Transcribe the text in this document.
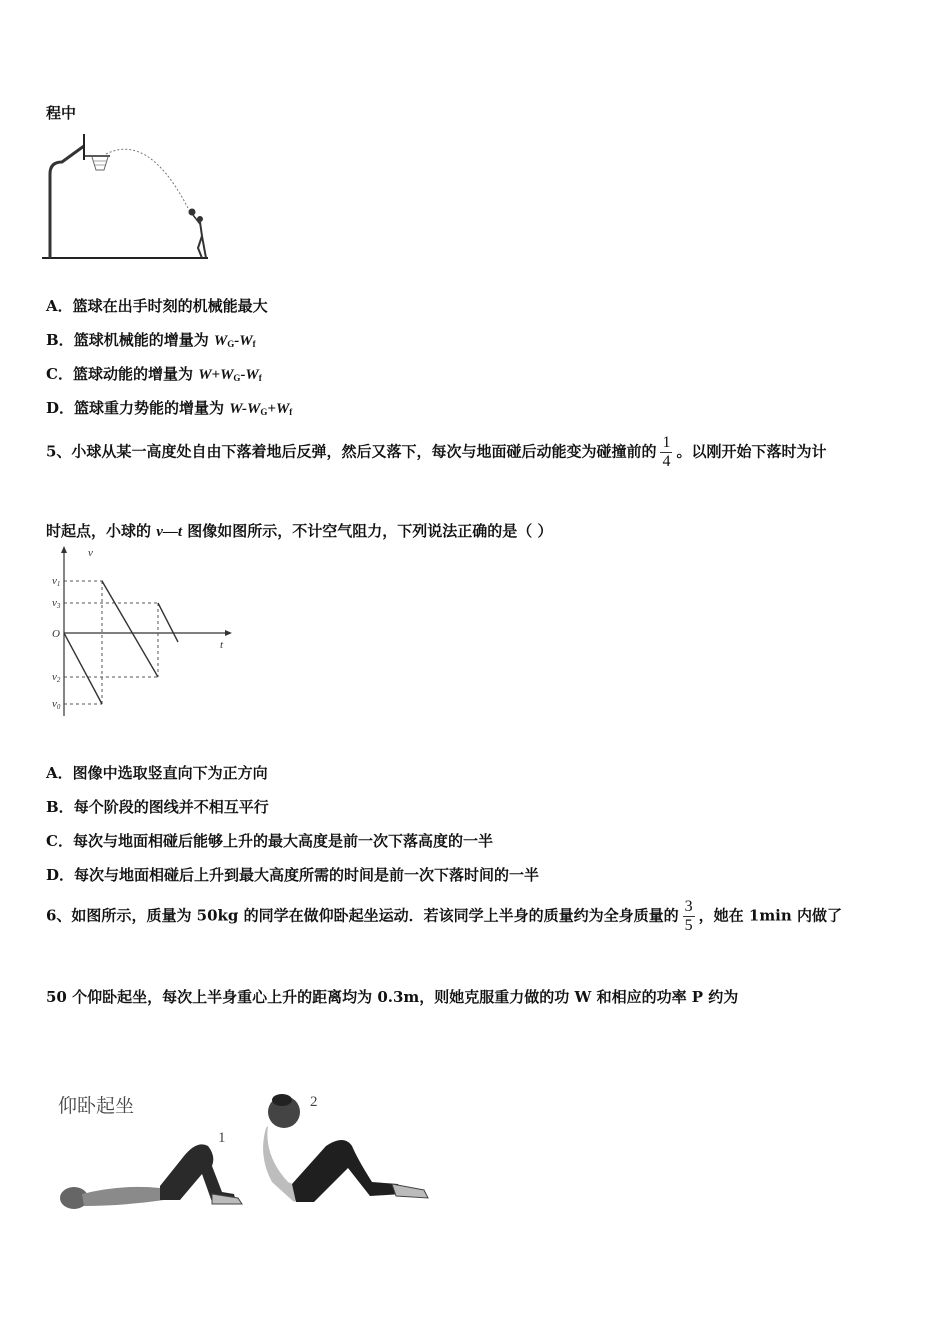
程中
A．篮球在出手时刻的机械能最大
B．篮球机械能的增量为 $W_G-W_f$
C．篮球动能的增量为 $W+W_G-W_f$
D．篮球重力势能的增量为 $W-W_G+W_f$
5、小球从某一高度处自由下落着地后反弹，然后又落下，每次与地面碰后动能变为碰撞前的 $\frac{1}{4}$ 。以刚开始下落时为计
时起点，小球的 v—t 图像如图所示，不计空气阻力，下列说法正确的是（ ）
v
v1
v3
O
t
v2
v0
A．图像中选取竖直向下为正方向
B．每个阶段的图线并不相互平行
C．每次与地面相碰后能够上升的最大高度是前一次下落高度的一半
D．每次与地面相碰后上升到最大高度所需的时间是前一次下落时间的一半
6、如图所示，质量为 50kg 的同学在做仰卧起坐运动．若该同学上半身的质量约为全身质量的 $\frac{3}{5}$ ，她在 1min 内做了
50 个仰卧起坐，每次上半身重心上升的距离均为 0.3m，则她克服重力做的功 W 和相应的功率 P 约为
仰卧起坐
1
2
